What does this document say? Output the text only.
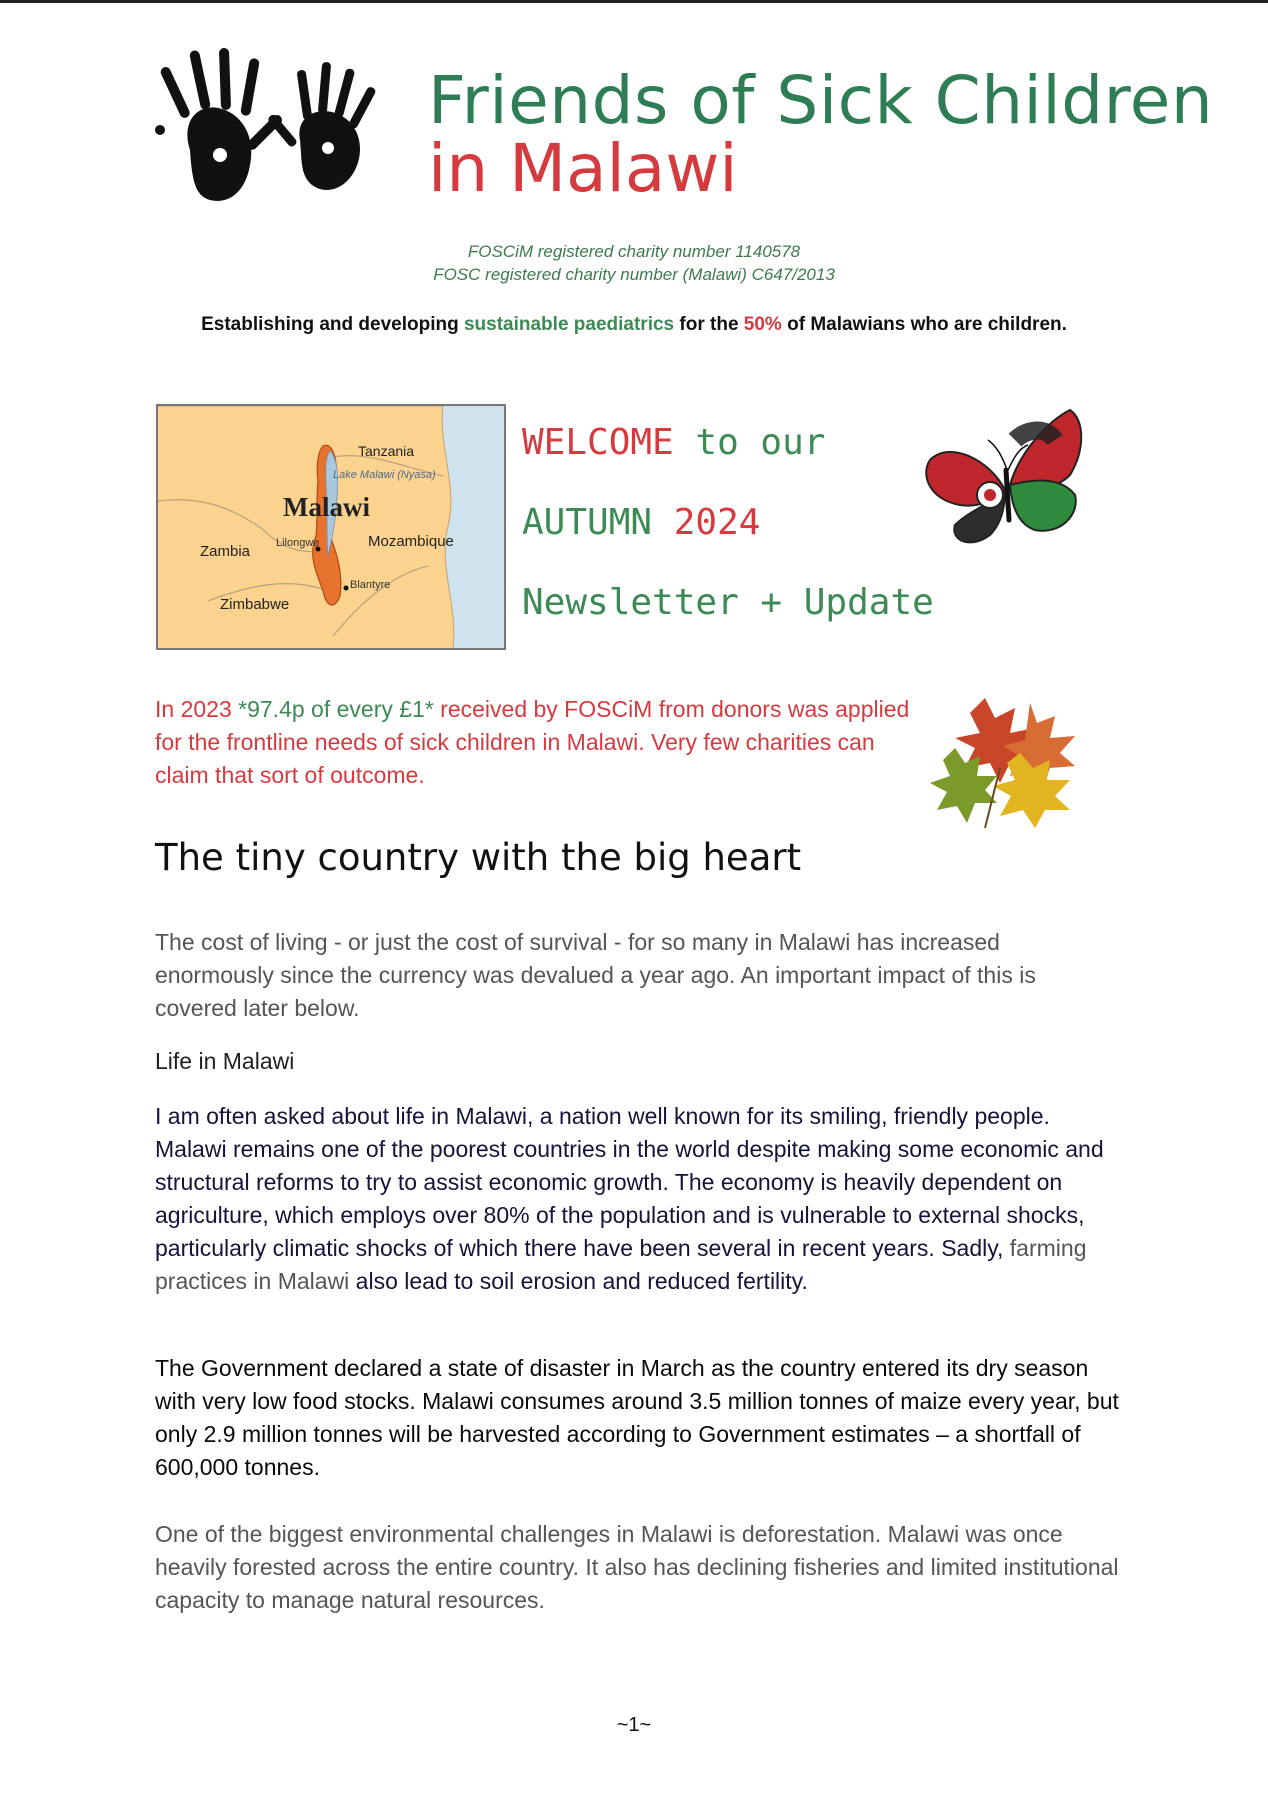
Friends of Sick Children
in Malawi
FOSCiM registered charity number 1140578
FOSC registered charity number (Malawi) C647/2013
Establishing and developing sustainable paediatrics for the 50% of Malawians who are children.
Tanzania
Lake Malawi (Nyasa)
Malawi
Lilongwe	Mozambique
Zambia
Blantyre
Zimbabwe
WELCOME to our
AUTUMN 2024
Newsletter + Update
In 2023 *97.4p of every £1* received by FOSCiM from donors was applied for the frontline needs of sick children in Malawi. Very few charities can claim that sort of outcome.
The tiny country with the big heart
The cost of living - or just the cost of survival - for so many in Malawi has increased enormously since the currency was devalued a year ago. An important impact of this is covered later below.
Life in Malawi
I am often asked about life in Malawi, a nation well known for its smiling, friendly people. Malawi remains one of the poorest countries in the world despite making some economic and structural reforms to try to assist economic growth. The economy is heavily dependent on agriculture, which employs over 80% of the population and is vulnerable to external shocks, particularly climatic shocks of which there have been several in recent years. Sadly, farming practices in Malawi also lead to soil erosion and reduced fertility.
The Government declared a state of disaster in March as the country entered its dry season with very low food stocks. Malawi consumes around 3.5 million tonnes of maize every year, but only 2.9 million tonnes will be harvested according to Government estimates – a shortfall of 600,000 tonnes.
One of the biggest environmental challenges in Malawi is deforestation. Malawi was once heavily forested across the entire country. It also has declining fisheries and limited institutional capacity to manage natural resources.
~1~
